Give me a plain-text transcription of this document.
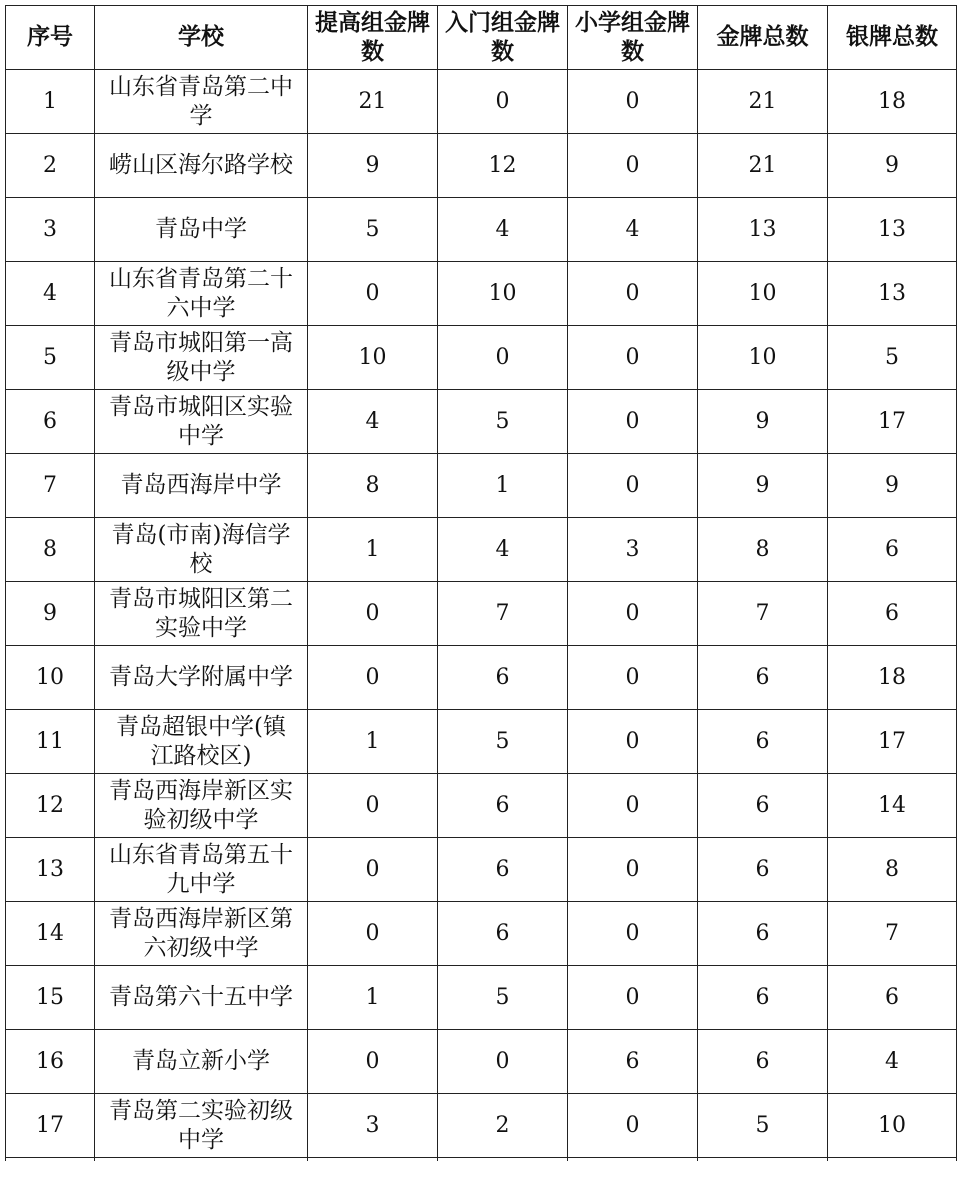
序号	学校	提高组金牌数	入门组金牌数	小学组金牌数	金牌总数	银牌总数
1	山东省青岛第二中学	21	0	0	21	18
2	崂山区海尔路学校	9	12	0	21	9
3	青岛中学	5	4	4	13	13
4	山东省青岛第二十六中学	0	10	0	10	13
5	青岛市城阳第一高级中学	10	0	0	10	5
6	青岛市城阳区实验中学	4	5	0	9	17
7	青岛西海岸中学	8	1	0	9	9
8	青岛(市南)海信学校	1	4	3	8	6
9	青岛市城阳区第二实验中学	0	7	0	7	6
10	青岛大学附属中学	0	6	0	6	18
11	青岛超银中学(镇江路校区)	1	5	0	6	17
12	青岛西海岸新区实验初级中学	0	6	0	6	14
13	山东省青岛第五十九中学	0	6	0	6	8
14	青岛西海岸新区第六初级中学	0	6	0	6	7
15	青岛第六十五中学	1	5	0	6	6
16	青岛立新小学	0	0	6	6	4
17	青岛第二实验初级中学	3	2	0	5	10
